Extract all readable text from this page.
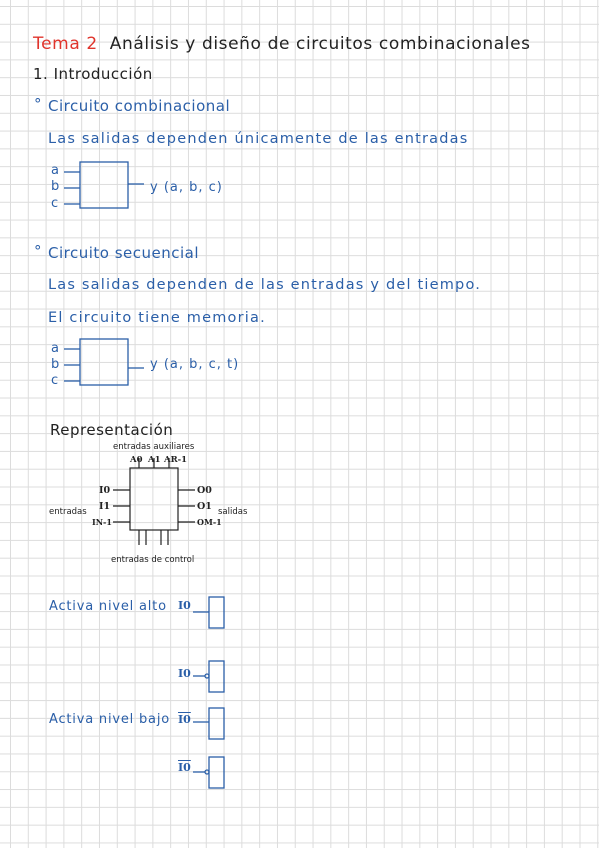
Tema 2 Análisis y diseño de circuitos combinacionales
1. Introducción
° Circuito combinacional
Las salidas dependen únicamente de las entradas
a
b
c
y (a, b, c)
° Circuito secuencial
Las salidas dependen de las entradas y del tiempo.
El circuito tiene memoria.
a
b
c
y (a, b, c, t)
Representación
entradas auxiliares
A0 A1 AR-1
I0
I1
IN-1
O0
O1
OM-1
entradas	salidas
entradas de control
Activa nivel alto
Activa nivel bajo
I0
I0
I0
I0
